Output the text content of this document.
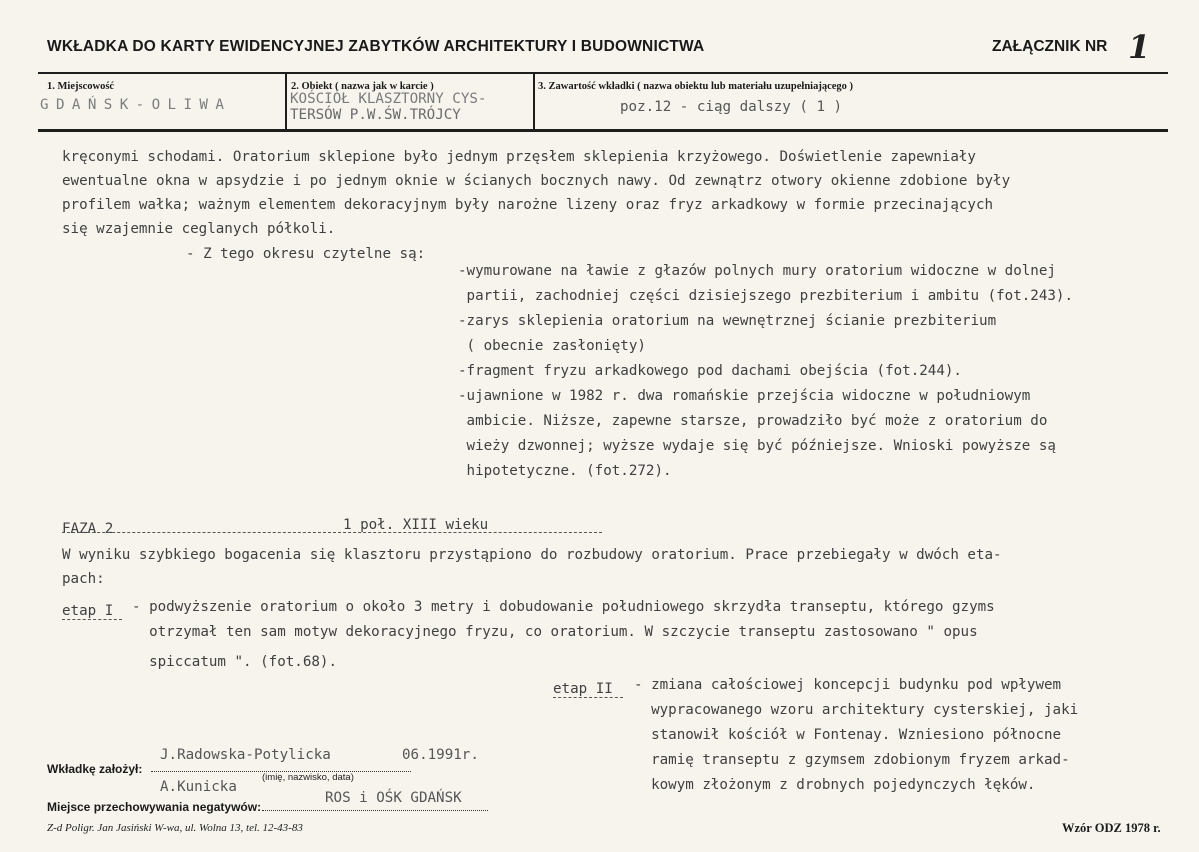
WKŁADKA DO KARTY EWIDENCYJNEJ ZABYTKÓW ARCHITEKTURY I BUDOWNICTWA	ZAŁĄCZNIK NR 1
1. Miejscowość	2. Obiekt ( nazwa jak w karcie )	3. Zawartość wkładki ( nazwa obiektu lub materiału uzupełniającego )
GDAŃSK-OLIWA	KOŚCIÓŁ KLASZTORNY CYS-
TERSÓW P.W.ŚW.TRÓJCY	poz.12 - ciąg dalszy ( 1 )
kręconymi schodami. Oratorium sklepione było jednym przęsłem sklepienia krzyżowego. Doświetlenie zapewniały
ewentualne okna w apsydzie i po jednym oknie w ścianych bocznych nawy. Od zewnątrz otwory okienne zdobione były
profilem wałka; ważnym elementem dekoracyjnym były narożne lizeny oraz fryz arkadkowy w formie przecinających
się wzajemnie ceglanych półkoli.
- Z tego okresu czytelne są:
-wymurowane na ławie z głazów polnych mury oratorium widoczne w dolnej
partii, zachodniej części dzisiejszego prezbiterium i ambitu (fot.243).
-zarys sklepienia oratorium na wewnętrznej ścianie prezbiterium
( obecnie zasłonięty)
-fragment fryzu arkadkowego pod dachami obejścia (fot.244).
-ujawnione w 1982 r. dwa romańskie przejścia widoczne w południowym
ambicie. Niższe, zapewne starsze, prowadziło być może z oratorium do
wieży dzwonnej; wyższe wydaje się być późniejsze. Wnioski powyższe są
hipotetyczne. (fot.272).
FAZA 2	1 poł. XIII wieku
W wyniku szybkiego bogacenia się klasztoru przystąpiono do rozbudowy oratorium. Prace przebiegały w dwóch eta-
pach:
etap I - podwyższenie oratorium o około 3 metry i dobudowanie południowego skrzydła transeptu, którego gzyms
otrzymał ten sam motyw dekoracyjnego fryzu, co oratorium. W szczycie transeptu zastosowano " opus
spiccatum ". (fot.68).
etap II - zmiana całościowej koncepcji budynku pod wpływem
wypracowanego wzoru architektury cysterskiej, jaki
stanowił kościół w Fontenay. Wzniesiono północne
ramię transeptu z gzymsem zdobionym fryzem arkad-
kowym złożonym z drobnych pojedynczych łęków.
J.Radowska-Potylicka	06.1991r.
Wkładkę założył:
A.Kunicka
(imię, nazwisko, data)
ROS i OŚK GDAŃSK
Miejsce przechowywania negatywów:
Z-d Poligr. Jan Jasiński W-wa, ul. Wolna 13, tel. 12-43-83	Wzór ODZ 1978 r.
